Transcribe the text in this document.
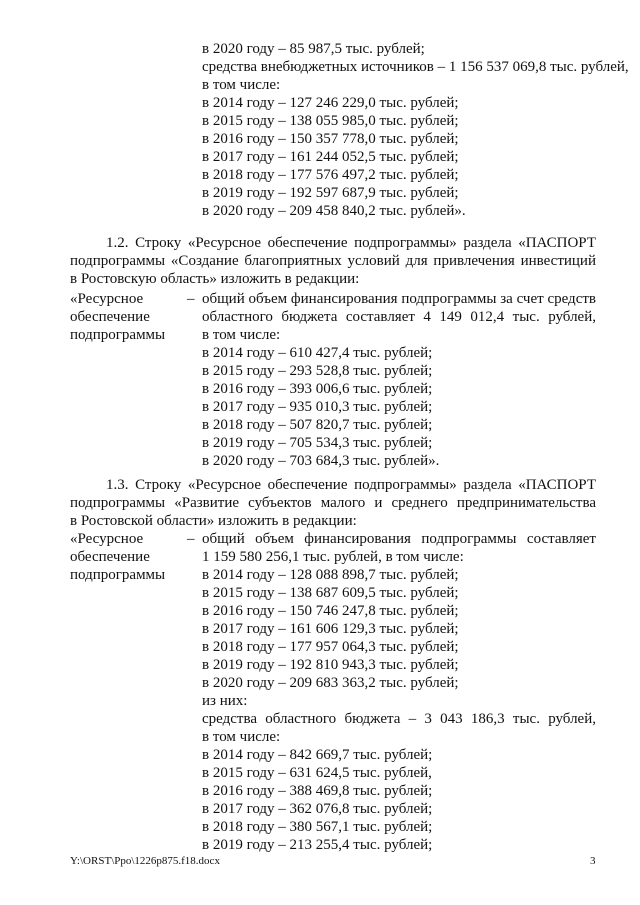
в 2020 году – 85 987,5 тыс. рублей;
средства внебюджетных источников – 1 156 537 069,8 тыс. рублей,
в том числе:
в 2014 году – 127 246 229,0 тыс. рублей;
в 2015 году – 138 055 985,0 тыс. рублей;
в 2016 году – 150 357 778,0 тыс. рублей;
в 2017 году – 161 244 052,5 тыс. рублей;
в 2018 году – 177 576 497,2 тыс. рублей;
в 2019 году – 192 597 687,9 тыс. рублей;
в 2020 году – 209 458 840,2 тыс. рублей».
1.2. Строку «Ресурсное обеспечение подпрограммы» раздела «ПАСПОРТ
подпрограммы «Создание благоприятных условий для привлечения инвестиций
в Ростовскую область» изложить в редакции:
«Ресурсное
обеспечение
подпрограммы
– общий объем финансирования подпрограммы за счет средств
областного бюджета составляет 4 149 012,4 тыс. рублей,
в том числе:
в 2014 году – 610 427,4 тыс. рублей;
в 2015 году – 293 528,8 тыс. рублей;
в 2016 году – 393 006,6 тыс. рублей;
в 2017 году – 935 010,3 тыс. рублей;
в 2018 году – 507 820,7 тыс. рублей;
в 2019 году – 705 534,3 тыс. рублей;
в 2020 году – 703 684,3 тыс. рублей».
1.3. Строку «Ресурсное обеспечение подпрограммы» раздела «ПАСПОРТ
подпрограммы «Развитие субъектов малого и среднего предпринимательства
в Ростовской области» изложить в редакции:
«Ресурсное
обеспечение
подпрограммы
– общий объем финансирования подпрограммы составляет
1 159 580 256,1 тыс. рублей, в том числе:
в 2014 году – 128 088 898,7 тыс. рублей;
в 2015 году – 138 687 609,5 тыс. рублей;
в 2016 году – 150 746 247,8 тыс. рублей;
в 2017 году – 161 606 129,3 тыс. рублей;
в 2018 году – 177 957 064,3 тыс. рублей;
в 2019 году – 192 810 943,3 тыс. рублей;
в 2020 году – 209 683 363,2 тыс. рублей;
из них:
средства областного бюджета – 3 043 186,3 тыс. рублей,
в том числе:
в 2014 году – 842 669,7 тыс. рублей;
в 2015 году – 631 624,5 тыс. рублей,
в 2016 году – 388 469,8 тыс. рублей;
в 2017 году – 362 076,8 тыс. рублей;
в 2018 году – 380 567,1 тыс. рублей;
в 2019 году – 213 255,4 тыс. рублей;
Y:\ORST\Ppo\1226p875.f18.docx	3
